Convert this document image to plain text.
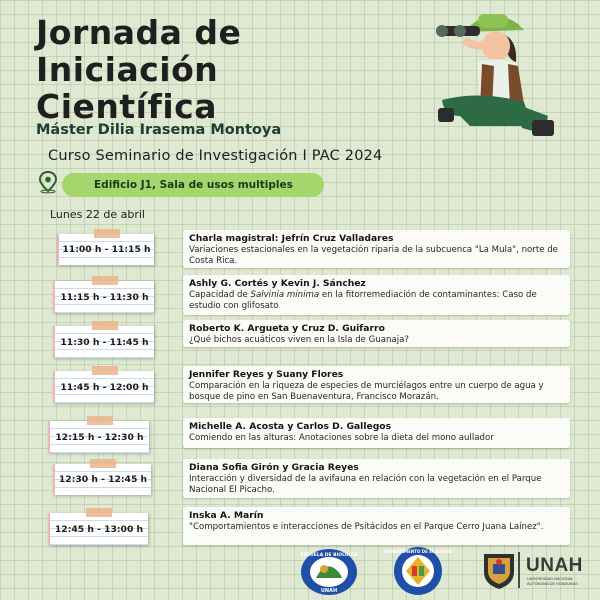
Jornada de
Iniciación
Científica
Máster Dilia Irasema Montoya
Curso Seminario de Investigación I PAC 2024
Edificio J1, Sala de usos multiples
Lunes 22 de abril
11:00 h - 11:15 h
Charla magistral: Jefrín Cruz Valladares
Variaciones estacionales en la vegetación riparia de la subcuenca "La Mula", norte de Costa Rica.
11:15 h - 11:30 h
Ashly G. Cortés y Kevin J. Sánchez
Capacidad de Salvinia minima en la fitorremediación de contaminantes: Caso de estudio con glifosato
11:30 h - 11:45 h
Roberto K. Argueta y Cruz D. Guifarro
¿Qué bichos acuáticos viven en la Isla de Guanaja?
11:45 h - 12:00 h
Jennifer Reyes y Suany Flores
Comparación en la riqueza de especies de murciélagos entre un cuerpo de agua y bosque de pino en San Buenaventura, Francisco Morazán.
12:15 h - 12:30 h
Michelle A. Acosta y Carlos D. Gallegos
Comiendo en las alturas: Anotaciones sobre la dieta del mono aullador
12:30 h - 12:45 h
Diana Sofia Girón y Gracia Reyes
Interacción y diversidad de la avifauna en relación con la vegetación en el Parque Nacional El Picacho.
12:45 h - 13:00 h
Inska A. Marín
"Comportamientos e interacciones de Psitácidos en el Parque Cerro Juana Laínez".
ESCUELA DE BIOLOGÍA
UNAH
DEPARTAMENTO DE ECOLOGÍA
UNAH
UNIVERSIDAD NACIONAL AUTÓNOMA DE HONDURAS
